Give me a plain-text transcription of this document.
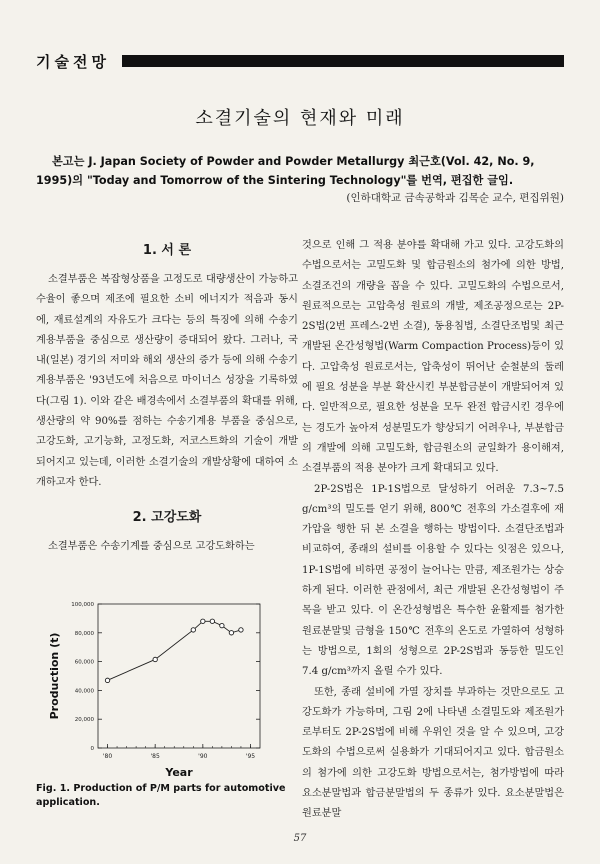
기술전망
소결기술의 현재와 미래
본고는 J. Japan Society of Powder and Powder Metallurgy 최근호(Vol. 42, No. 9, 1995)의 "Today and Tomorrow of the Sintering Technology"를 번역, 편집한 글임.
(인하대학교 금속공학과 김목순 교수, 편집위원)
1. 서 론

소결부품은 복잡형상품을 고정도로 대량생산이 가능하고 수율이 좋으며 제조에 필요한 소비 에너지가 적음과 동시에, 재료설계의 자유도가 크다는 등의 특징에 의해 수송기계용부품을 중심으로 생산량이 증대되어 왔다. 그러나, 국내(일본) 경기의 저미와 해외 생산의 증가 등에 의해 수송기계용부품은 '93년도에 처음으로 마이너스 성장을 기록하였다(그림 1). 이와 같은 배경속에서 소결부품의 확대를 위해, 생산량의 약 90%를 점하는 수송기계용 부품을 중심으로, 고강도화, 고기능화, 고정도화, 저코스트화의 기술이 개발되어지고 있는데, 이러한 소결기술의 개발상황에 대하여 소개하고자 한다.

2. 고강도화

소결부품은 수송기계를 중심으로 고강도화하는

0
20,000
40,000
60,000
80,000
100,000
'80	'85	'90	'95
Year
Production (t)
Fig. 1. Production of P/M parts for automotive application.

것으로 인해 그 적용 분야를 확대해 가고 있다. 고강도화의 수법으로서는 고밀도화 및 합금원소의 첨가에 의한 방법, 소결조건의 개량을 꼽을 수 있다. 고밀도화의 수법으로서, 원료적으로는 고압축성 원료의 개발, 제조공정으로는 2P-2S법(2번 프레스-2번 소결), 동용침법, 소결단조법및 최근 개발된 온간성형법(Warm Compaction Process)등이 있다. 고압축성 원료로서는, 압축성이 뛰어난 순철분의 둘레에 필요 성분을 부분 확산시킨 부분합금분이 개발되어져 있다. 일반적으로, 필요한 성분을 모두 완전 합금시킨 경우에는 경도가 높아져 성분밀도가 향상되기 어려우나, 부분합금의 개발에 의해 고밀도화, 합금원소의 균일화가 용이해져, 소결부품의 적용 분야가 크게 확대되고 있다.

2P-2S법은 1P-1S법으로 달성하기 어려운 7.3~7.5 g/cm³의 밀도를 얻기 위해, 800℃ 전후의 가소결후에 재가압을 행한 뒤 본 소결을 행하는 방법이다. 소결단조법과 비교하여, 종래의 설비를 이용할 수 있다는 잇점은 있으나, 1P-1S법에 비하면 공정이 늘어나는 만큼, 제조원가는 상승하게 된다. 이러한 관점에서, 최근 개발된 온간성형법이 주목을 받고 있다. 이 온간성형법은 특수한 윤활제를 첨가한 원료분말및 금형을 150℃ 전후의 온도로 가열하여 성형하는 방법으로, 1회의 성형으로 2P-2S법과 동등한 밀도인 7.4 g/cm³까지 올릴 수가 있다.

또한, 종래 설비에 가열 장치를 부과하는 것만으로도 고강도화가 가능하며, 그림 2에 나타낸 소결밀도와 제조원가로부터도 2P-2S법에 비해 우위인 것을 알 수 있으며, 고강도화의 수법으로써 실용화가 기대되어지고 있다. 합금원소의 첨가에 의한 고강도화 방법으로서는, 첨가방법에 따라 요소분말법과 합금분말법의 두 종류가 있다. 요소분말법은 원료분말

57
